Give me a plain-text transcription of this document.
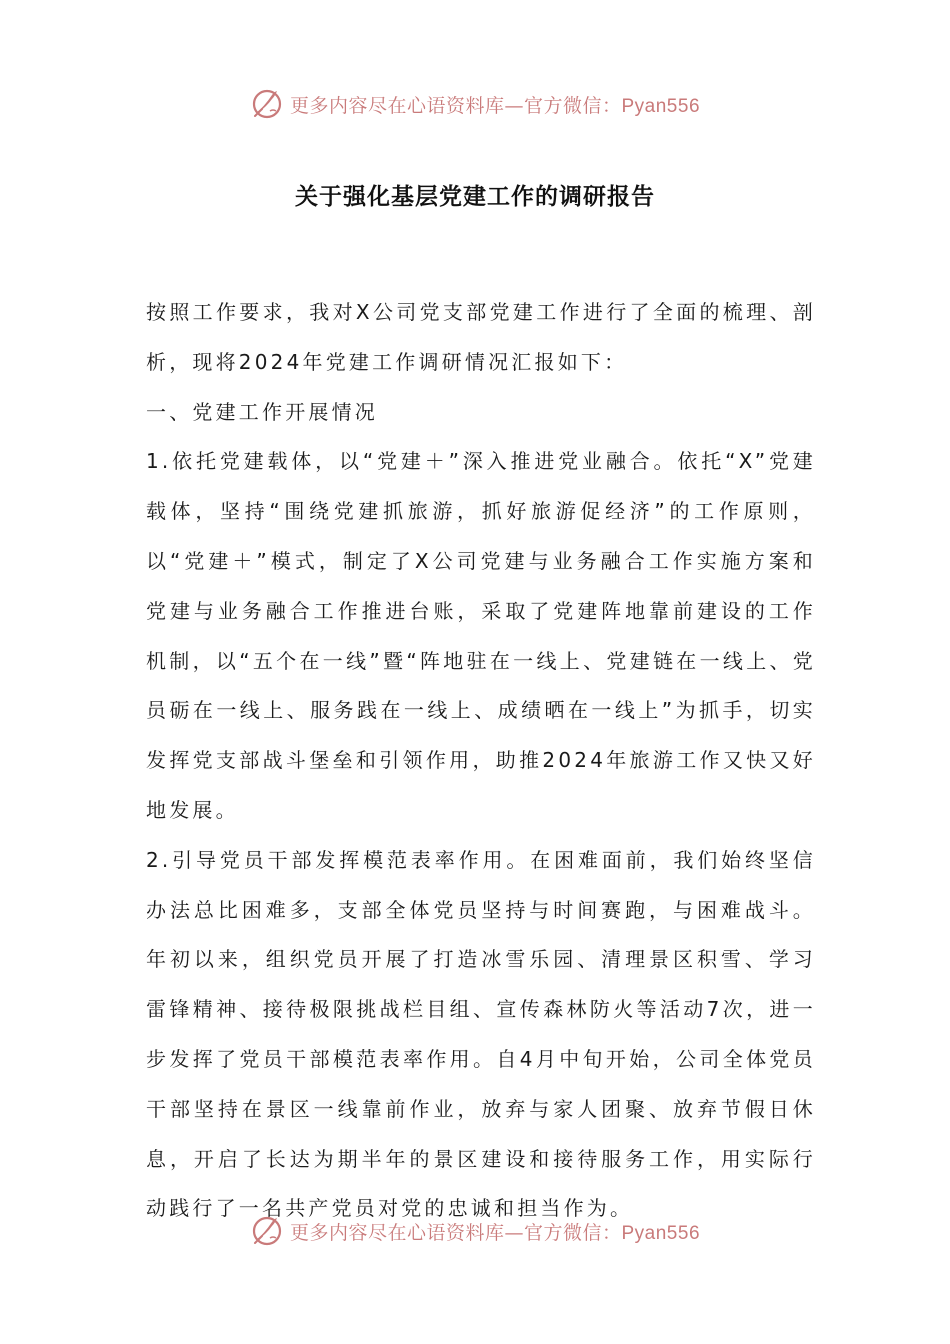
更多内容尽在心语资料库—官方微信：Pyan556
关于强化基层党建工作的调研报告

按照工作要求，我对X公司党支部党建工作进行了全面的梳理、剖析，现将2024年党建工作调研情况汇报如下：

一、党建工作开展情况

1.依托党建载体，以“党建＋”深入推进党业融合。依托“X”党建载体，坚持“围绕党建抓旅游，抓好旅游促经济”的工作原则，以“党建＋”模式，制定了X公司党建与业务融合工作实施方案和党建与业务融合工作推进台账，采取了党建阵地靠前建设的工作机制，以“五个在一线”暨“阵地驻在一线上、党建链在一线上、党员砺在一线上、服务践在一线上、成绩晒在一线上”为抓手，切实发挥党支部战斗堡垒和引领作用，助推2024年旅游工作又快又好地发展。

2.引导党员干部发挥模范表率作用。在困难面前，我们始终坚信办法总比困难多，支部全体党员坚持与时间赛跑，与困难战斗。年初以来，组织党员开展了打造冰雪乐园、清理景区积雪、学习雷锋精神、接待极限挑战栏目组、宣传森林防火等活动7次，进一步发挥了党员干部模范表率作用。自4月中旬开始，公司全体党员干部坚持在景区一线靠前作业，放弃与家人团聚、放弃节假日休息，开启了长达为期半年的景区建设和接待服务工作，用实际行动践行了一名共产党员对党的忠诚和担当作为。

更多内容尽在心语资料库—官方微信：Pyan556
